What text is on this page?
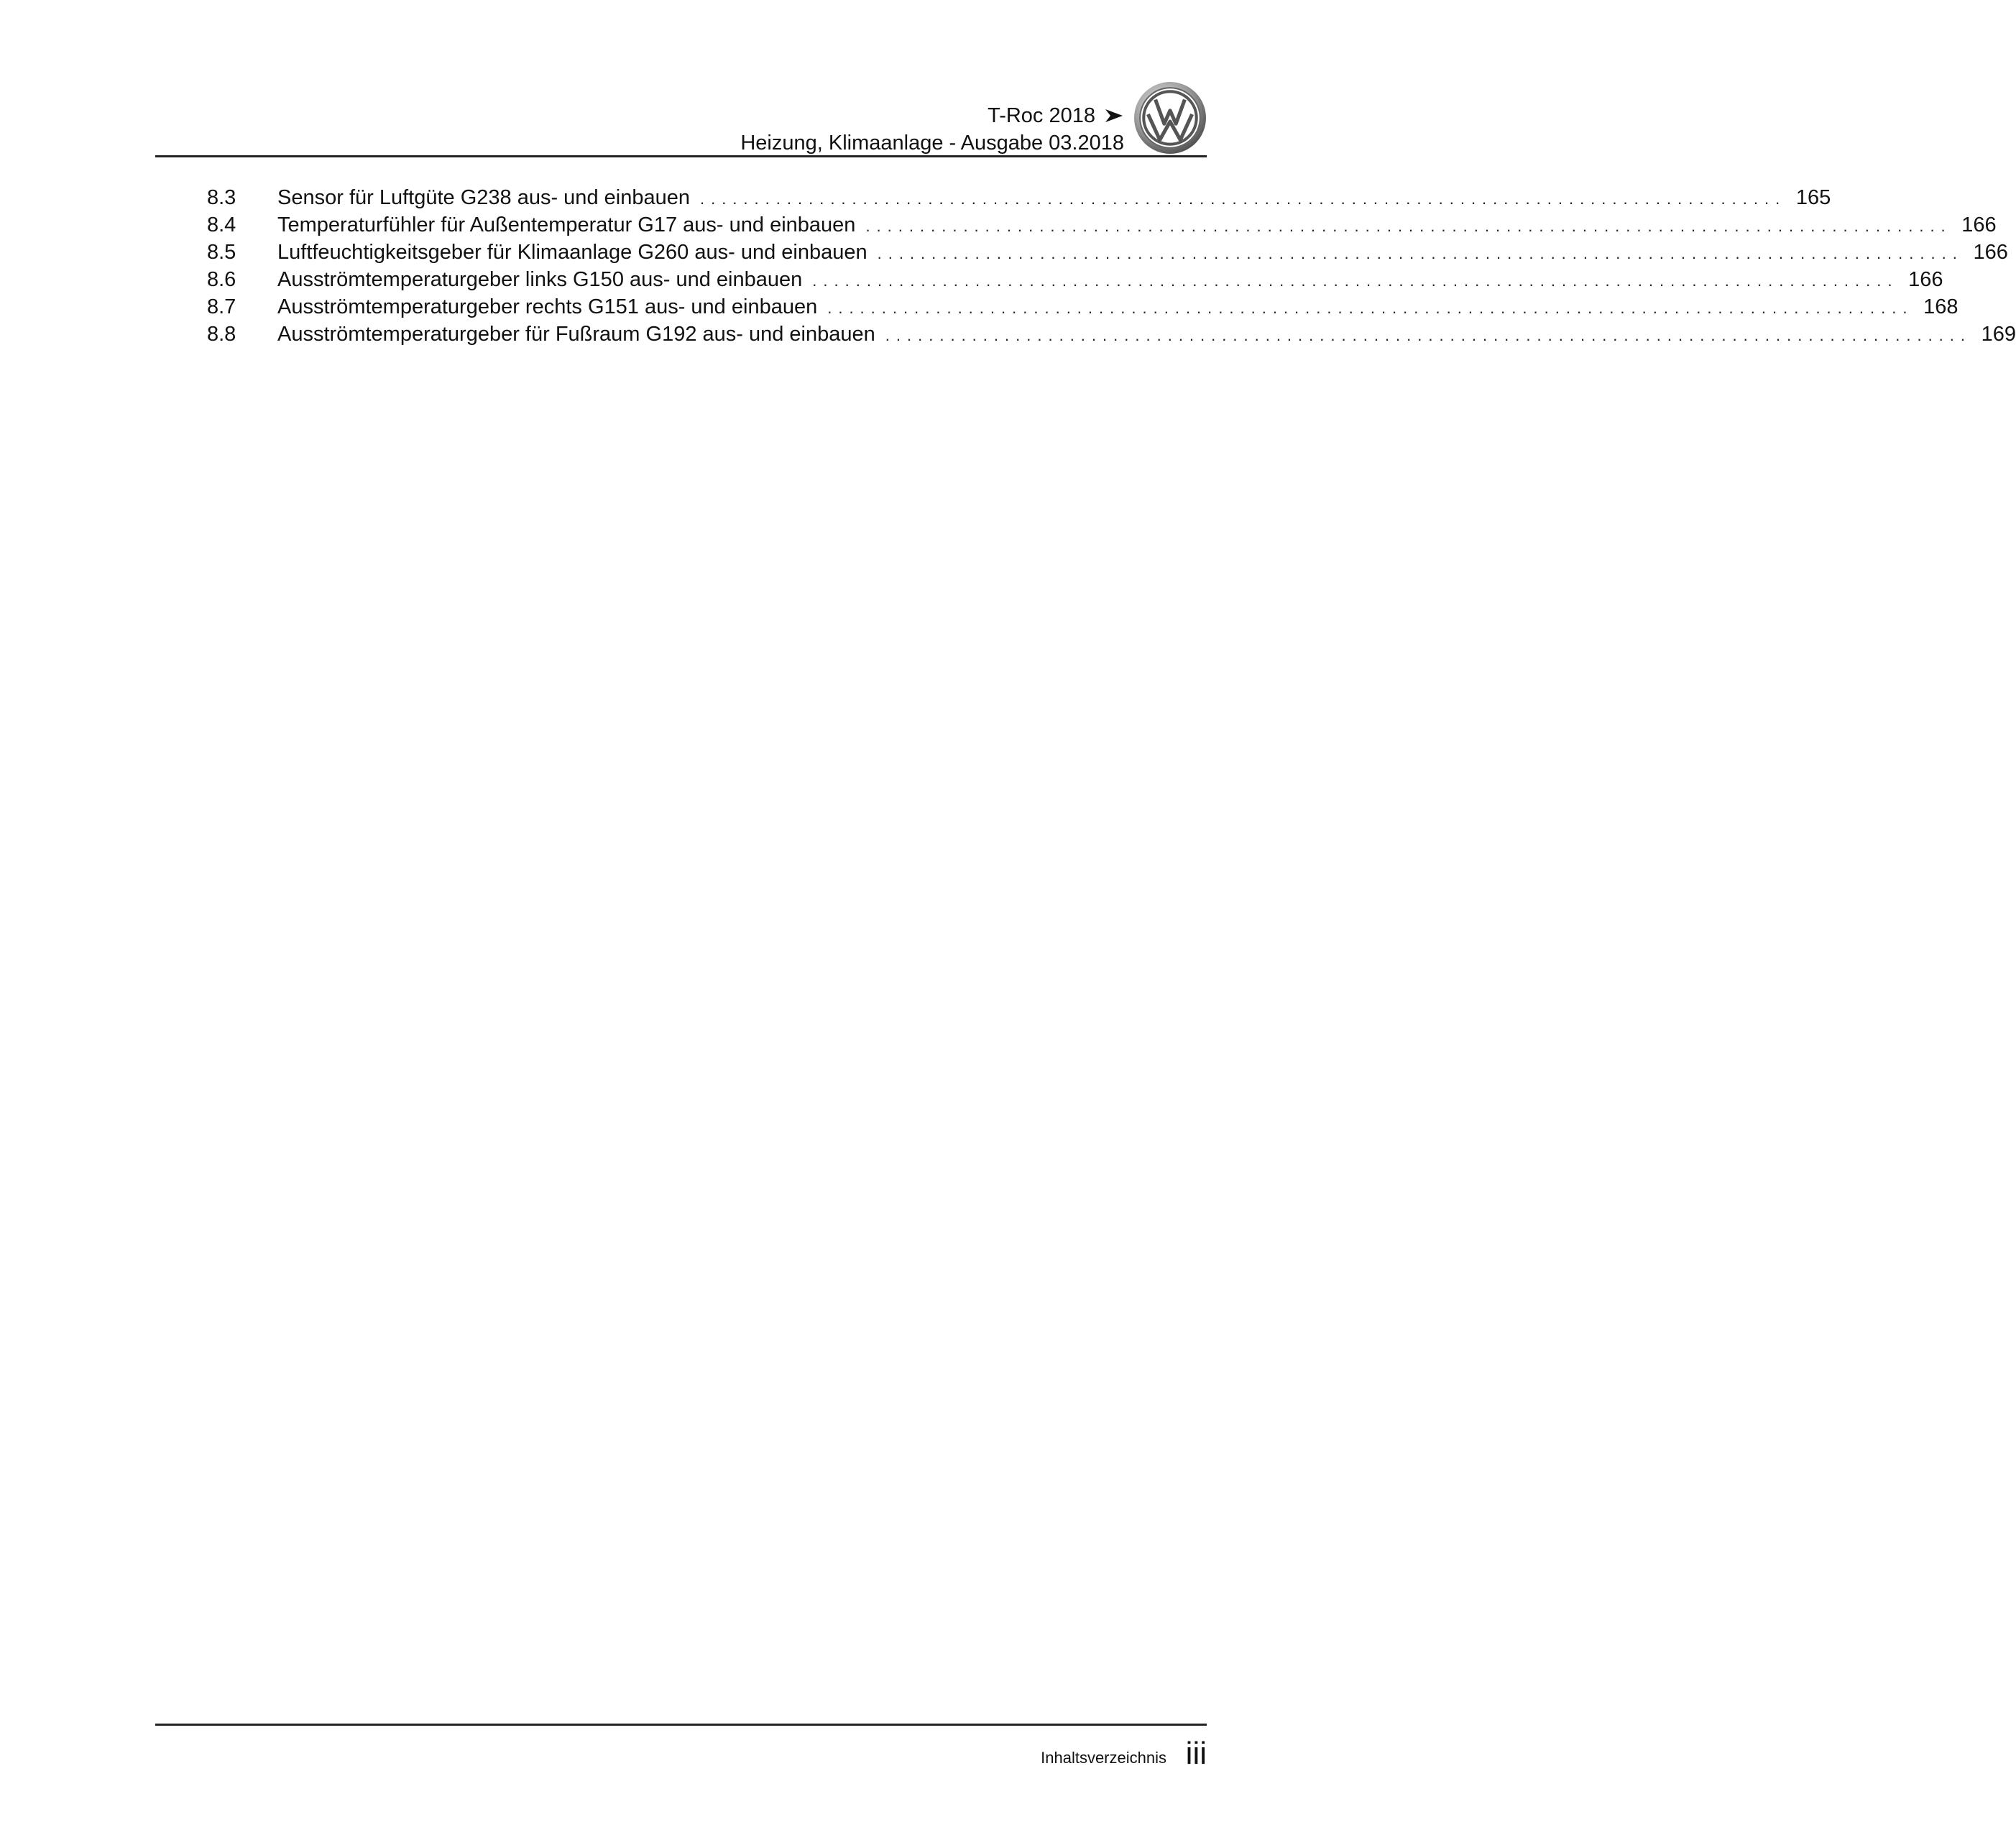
T-Roc 2018
Heizung, Klimaanlage - Ausgabe 03.2018
8.3	Sensor für Luftgüte G238 aus- und einbauen .................................................................................................... 165
8.4	Temperaturfühler für Außentemperatur G17 aus- und einbauen .................................................................................................... 166
8.5	Luftfeuchtigkeitsgeber für Klimaanlage G260 aus- und einbauen .................................................................................................... 166
8.6	Ausströmtemperaturgeber links G150 aus- und einbauen .................................................................................................... 166
8.7	Ausströmtemperaturgeber rechts G151 aus- und einbauen .................................................................................................... 168
8.8	Ausströmtemperaturgeber für Fußraum G192 aus- und einbauen .................................................................................................... 169
Inhaltsverzeichnis iii
